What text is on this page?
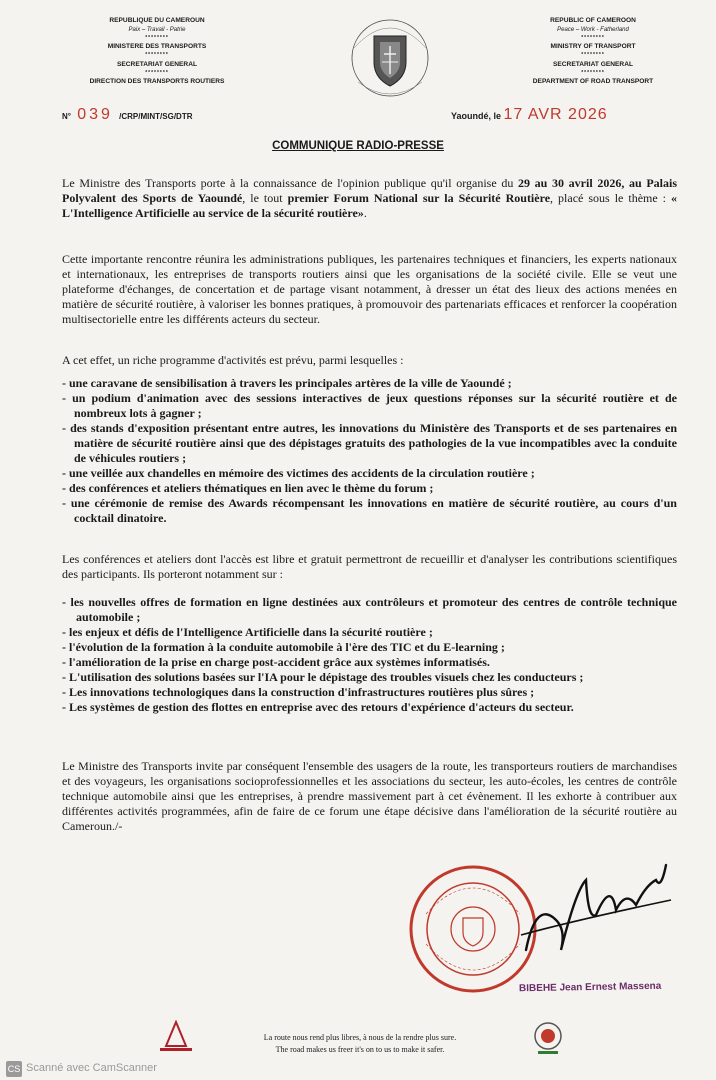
REPUBLIQUE DU CAMEROUN
Paix – Travail - Patrie
********
MINISTERE DES TRANSPORTS
********
SECRETARIAT GENERAL
********
DIRECTION DES TRANSPORTS ROUTIERS
REPUBLIC OF CAMEROON
Peace – Work - Fatherland
********
MINISTRY OF TRANSPORT
********
SECRETARIAT GENERAL
********
DEPARTMENT OF ROAD TRANSPORT
N° 039 /CRP/MINT/SG/DTR	Yaoundé, le 17 AVR 2026
COMMUNIQUE RADIO-PRESSE
Le Ministre des Transports porte à la connaissance de l'opinion publique qu'il organise du 29 au 30 avril 2026, au Palais Polyvalent des Sports de Yaoundé, le tout premier Forum National sur la Sécurité Routière, placé sous le thème : « L'Intelligence Artificielle au service de la sécurité routière».
Cette importante rencontre réunira les administrations publiques, les partenaires techniques et financiers, les experts nationaux et internationaux, les entreprises de transports routiers ainsi que les organisations de la société civile. Elle se veut une plateforme d'échanges, de concertation et de partage visant notamment, à dresser un état des lieux des actions menées en matière de sécurité routière, à valoriser les bonnes pratiques, à promouvoir des partenariats efficaces et renforcer la coopération multisectorielle entre les différents acteurs du secteur.
A cet effet, un riche programme d'activités est prévu, parmi lesquelles :
- une caravane de sensibilisation à travers les principales artères de la ville de Yaoundé ;
- un podium d'animation avec des sessions interactives de jeux questions réponses sur la sécurité routière et de nombreux lots à gagner ;
- des stands d'exposition présentant entre autres, les innovations du Ministère des Transports et de ses partenaires en matière de sécurité routière ainsi que des dépistages gratuits des pathologies de la vue incompatibles avec la conduite de véhicules routiers ;
- une veillée aux chandelles en mémoire des victimes des accidents de la circulation routière ;
- des conférences et ateliers thématiques en lien avec le thème du forum ;
- une cérémonie de remise des Awards récompensant les innovations en matière de sécurité routière, au cours d'un cocktail dinatoire.
Les conférences et ateliers dont l'accès est libre et gratuit permettront de recueillir et d'analyser les contributions scientifiques des participants. Ils porteront notamment sur :
- les nouvelles offres de formation en ligne destinées aux contrôleurs et promoteur des centres de contrôle technique automobile ;
- les enjeux et défis de l'Intelligence Artificielle dans la sécurité routière ;
- l'évolution de la formation à la conduite automobile à l'ère des TIC et du E-learning ;
- l'amélioration de la prise en charge post-accident grâce aux systèmes informatisés.
- L'utilisation des solutions basées sur l'IA pour le dépistage des troubles visuels chez les conducteurs ;
- Les innovations technologiques dans la construction d'infrastructures routières plus sûres ;
- Les systèmes de gestion des flottes en entreprise avec des retours d'expérience d'acteurs du secteur.
Le Ministre des Transports invite par conséquent l'ensemble des usagers de la route, les transporteurs routiers de marchandises et des voyageurs, les organisations socioprofessionnelles et les associations du secteur, les auto-écoles, les centres de contrôle technique automobile ainsi que les entreprises, à prendre massivement part à cet évènement. Il les exhorte à contribuer aux différentes activités programmées, afin de faire de ce forum une étape décisive dans l'amélioration de la sécurité routière au Cameroun./-
BIBEHE Jean Ernest Massena
La route nous rend plus libres, à nous de la rendre plus sure.
The road makes us freer it's on to us to make it safer.
CS Scanné avec CamScanner
